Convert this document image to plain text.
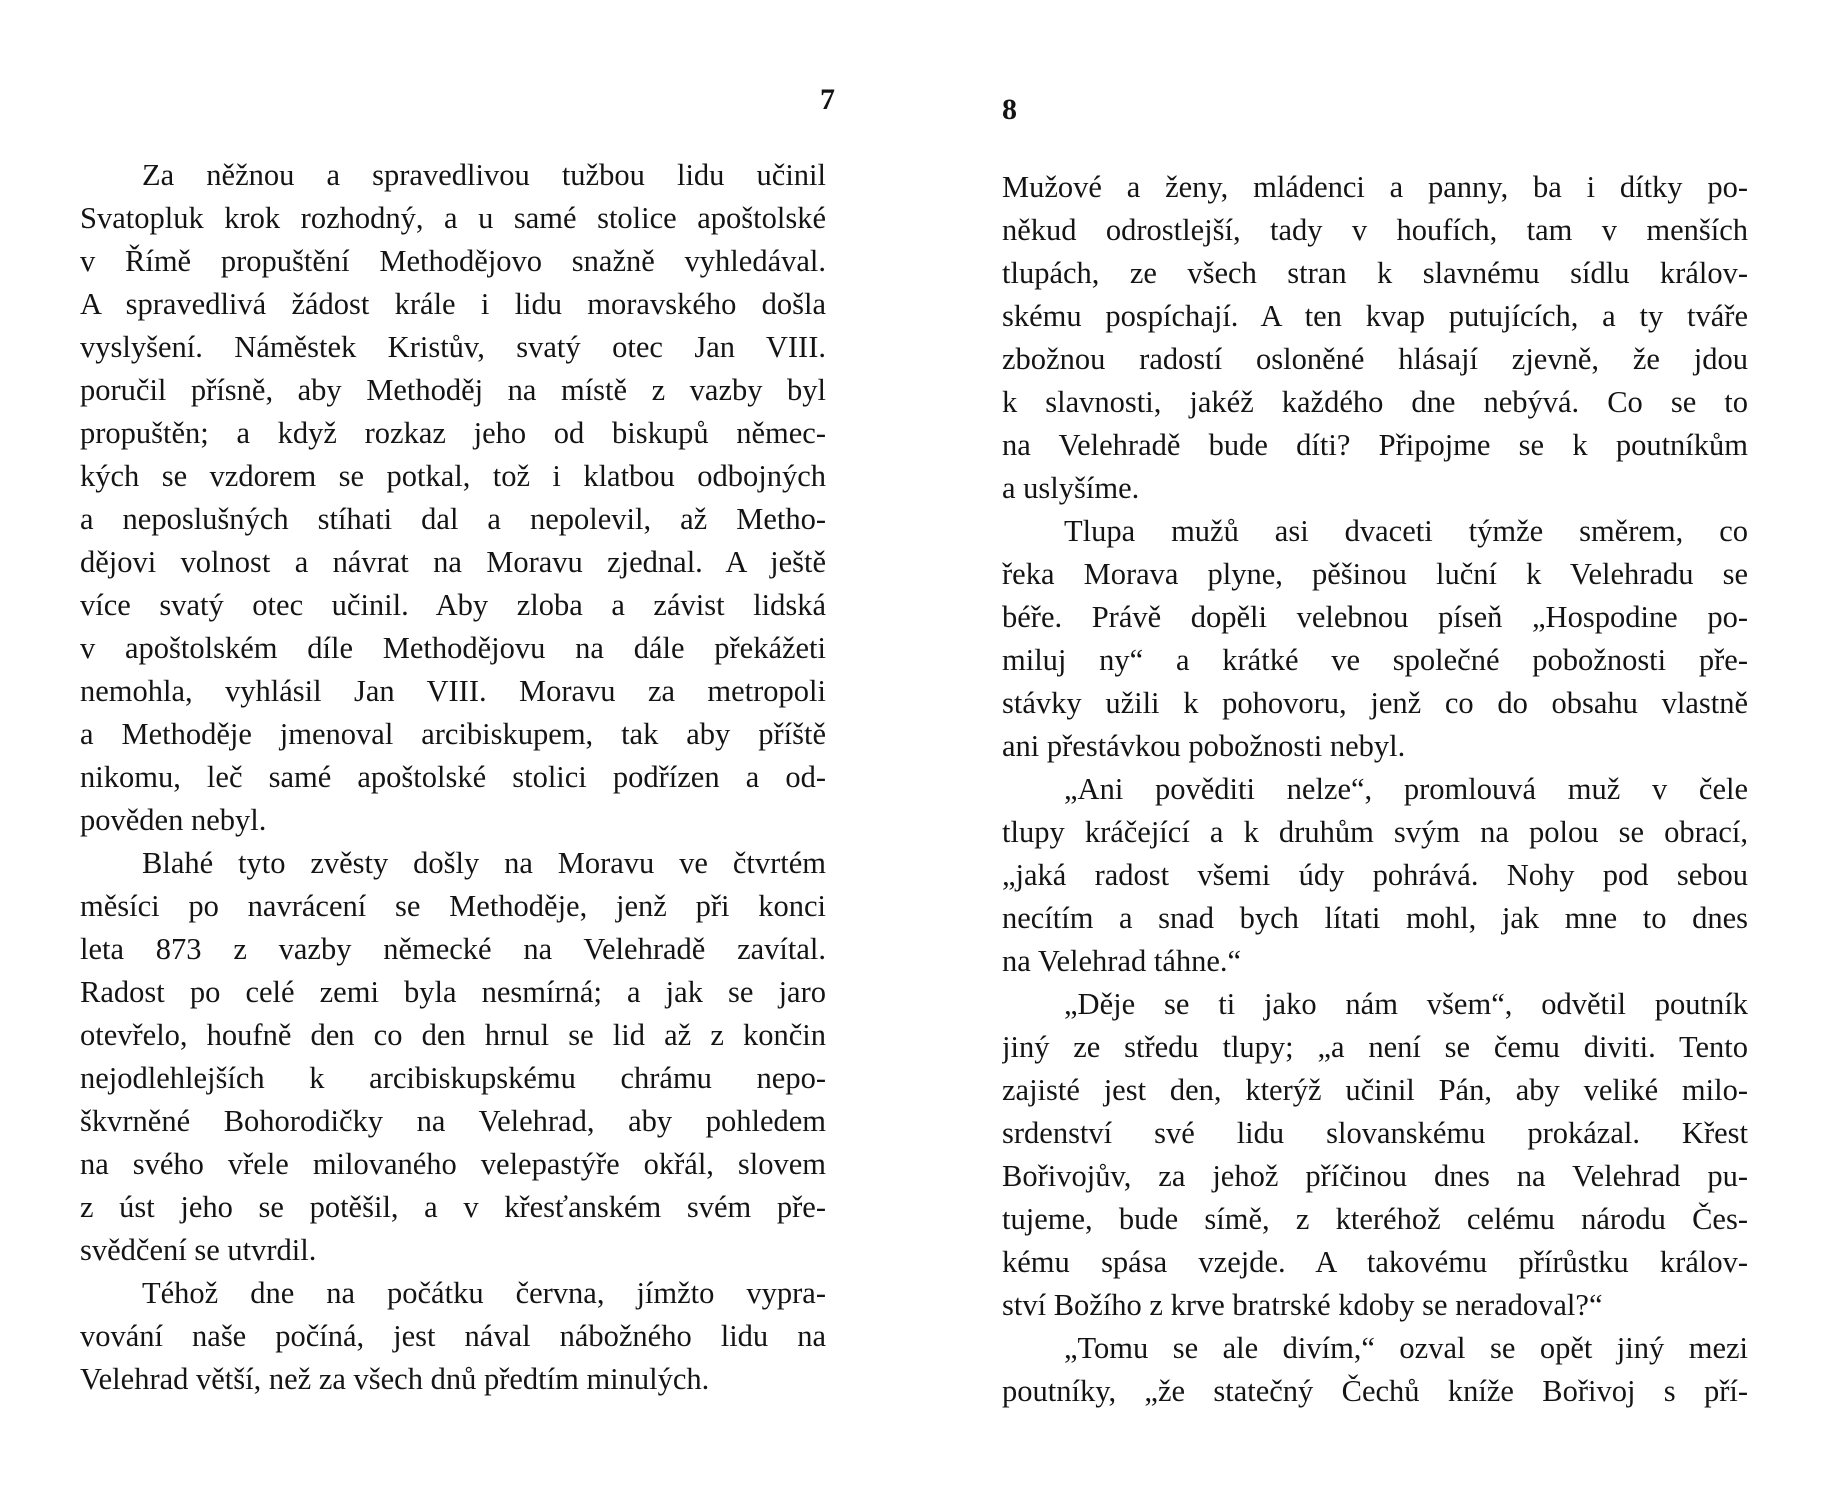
7
Za něžnou a spravedlivou tužbou lidu učinil
Svatopluk krok rozhodný, a u samé stolice apoštolské
v Římě propuštění Methodějovo snažně vyhledával.
A spravedlivá žádost krále i lidu moravského došla
vyslyšení. Náměstek Kristův, svatý otec Jan VIII.
poručil přísně, aby Methoděj na místě z vazby byl
propuštěn; a když rozkaz jeho od biskupů němec-
kých se vzdorem se potkal, tož i klatbou odbojných
a neposlušných stíhati dal a nepolevil, až Metho-
dějovi volnost a návrat na Moravu zjednal. A ještě
více svatý otec učinil. Aby zloba a závist lidská
v apoštolském díle Methodějovu na dále překážeti
nemohla, vyhlásil Jan VIII. Moravu za metropoli
a Methoděje jmenoval arcibiskupem, tak aby příště
nikomu, leč samé apoštolské stolici podřízen a od-
pověden nebyl.
Blahé tyto zvěsty došly na Moravu ve čtvrtém
měsíci po navrácení se Methoděje, jenž při konci
leta 873 z vazby německé na Velehradě zavítal.
Radost po celé zemi byla nesmírná; a jak se jaro
otevřelo, houfně den co den hrnul se lid až z končin
nejodlehlejších k arcibiskupskému chrámu nepo-
škvrněné Bohorodičky na Velehrad, aby pohledem
na svého vřele milovaného velepastýře okřál, slovem
z úst jeho se potěšil, a v křesťanském svém pře-
svědčení se utvrdil.
Téhož dne na počátku června, jímžto vypra-
vování naše počíná, jest nával nábožného lidu na
Velehrad větší, než za všech dnů předtím minulých.
8
Mužové a ženy, mládenci a panny, ba i dítky po-
někud odrostlejší, tady v houfích, tam v menších
tlupách, ze všech stran k slavnému sídlu králov-
skému pospíchají. A ten kvap putujících, a ty tváře
zbožnou radostí osloněné hlásají zjevně, že jdou
k slavnosti, jakéž každého dne nebývá. Co se to
na Velehradě bude díti? Připojme se k poutníkům
a uslyšíme.
Tlupa mužů asi dvaceti týmže směrem, co
řeka Morava plyne, pěšinou luční k Velehradu se
béře. Právě dopěli velebnou píseň „Hospodine po-
miluj ny“ a krátké ve společné pobožnosti pře-
stávky užili k pohovoru, jenž co do obsahu vlastně
ani přestávkou pobožnosti nebyl.
„Ani pověditi nelze“, promlouvá muž v čele
tlupy kráčející a k druhům svým na polou se obrací,
„jaká radost všemi údy pohrává. Nohy pod sebou
necítím a snad bych lítati mohl, jak mne to dnes
na Velehrad táhne.“
„Děje se ti jako nám všem“, odvětil poutník
jiný ze středu tlupy; „a není se čemu diviti. Tento
zajisté jest den, kterýž učinil Pán, aby veliké milo-
srdenství své lidu slovanskému prokázal. Křest
Bořivojův, za jehož příčinou dnes na Velehrad pu-
tujeme, bude símě, z kteréhož celému národu Čes-
kému spása vzejde. A takovému přírůstku králov-
ství Božího z krve bratrské kdoby se neradoval?“
„Tomu se ale divím,“ ozval se opět jiný mezi
poutníky, „že statečný Čechů kníže Bořivoj s pří-
